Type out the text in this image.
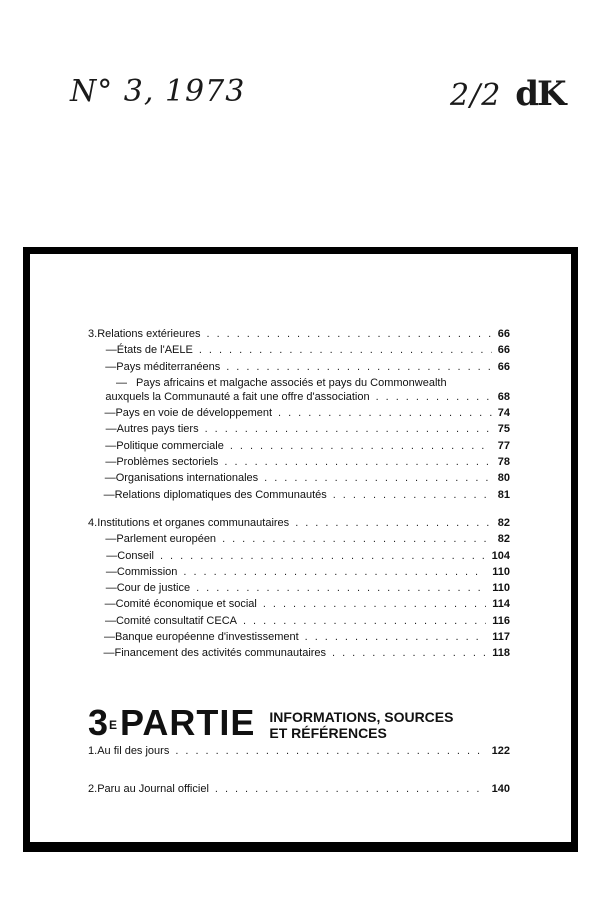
N° 3, 1973	2/2 dK
3. Relations extérieures .....	66
— États de l'AELE .....	66
— Pays méditerranéens .....	66
— Pays africains et malgache associés et pays du Commonwealth
auxquels la Communauté a fait une offre d'association .....	68
— Pays en voie de développement .....	74
— Autres pays tiers .....	75
— Politique commerciale .....	77
— Problèmes sectoriels .....	78
— Organisations internationales .....	80
— Relations diplomatiques des Communautés .....	81
4. Institutions et organes communautaires .....	82
— Parlement européen .....	82
— Conseil .....	104
— Commission .....	110
— Cour de justice .....	110
— Comité économique et social .....	114
— Comité consultatif CECA .....	116
— Banque européenne d'investissement .....	117
— Financement des activités communautaires .....	118
$3^EPARTIE$ INFORMATIONS, SOURCES
ET RÉFÉRENCES
1. Au fil des jours .....	122
2. Paru au Journal officiel .....	140
